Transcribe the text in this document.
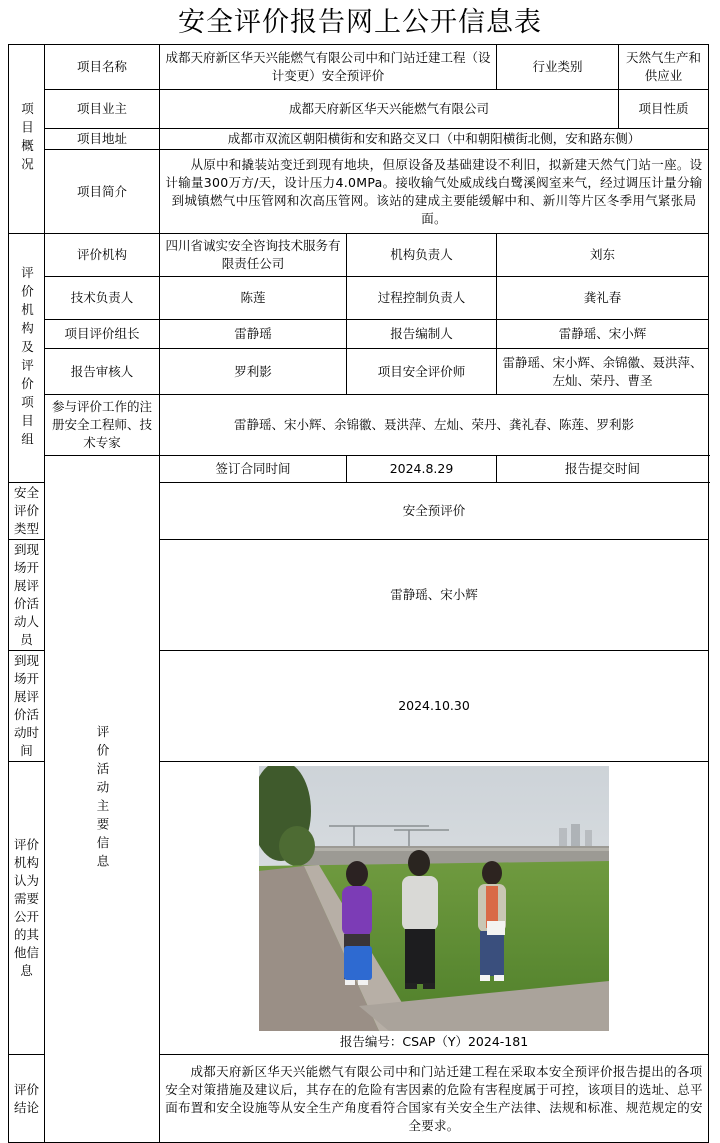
安全评价报告网上公开信息表
项目概况	项目名称	成都天府新区华天兴能燃气有限公司中和门站迁建工程（设计变更）安全预评价		行业类别	天然气生产和供应业	
	项目业主	成都天府新区华天兴能燃气有限公司			项目性质	
	项目地址	成都市双流区朝阳横街和安和路交叉口（中和朝阳横街北侧，安和路东侧）				
	项目简介	从原中和撬装站变迁到现有地块，但原设备及基础建设不利旧，拟新建天然气门站一座。设计输量300万方/天，设计压力4.0MPa。接收输气处威成线白鹭溪阀室来气，经过调压计量分输到城镇燃气中压管网和次高压管网。该站的建成主要能缓解中和、新川等片区冬季用气紧张局面。				
评价机构及评价项目组	评价机构	四川省诚实安全咨询技术服务有限责任公司	机构负责人	刘东		
	技术负责人	陈莲	过程控制负责人	龚礼春		
	项目评价组长	雷静瑶	报告编制人	雷静瑶、宋小辉		
	报告审核人	罗利影	项目安全评价师	雷静瑶、宋小辉、余锦徽、聂洪萍、左灿、荣丹、曹圣		
	参与评价工作的注册安全工程师、技术专家	雷静瑶、宋小辉、余锦徽、聂洪萍、左灿、荣丹、龚礼春、陈莲、罗利影				
	评价活动主要信息	签订合同时间	2024.8.29	报告提交时间	
安全评价类型		安全预评价				
到现场开展评价活动人员		雷静瑶、宋小辉				
到现场开展评价活动时间		2024.10.30				
评价机构认为需要公开的其他信息		报告编号：CSAP（Y）2024-181				

评价结论		成都天府新区华天兴能燃气有限公司中和门站迁建工程在采取本安全预评价报告提出的各项安全对策措施及建议后，其存在的危险有害因素的危险有害程度属于可控，该项目的选址、总平面布置和安全设施等从安全生产角度看符合国家有关安全生产法律、法规和标准、规范规定的安全要求。				
